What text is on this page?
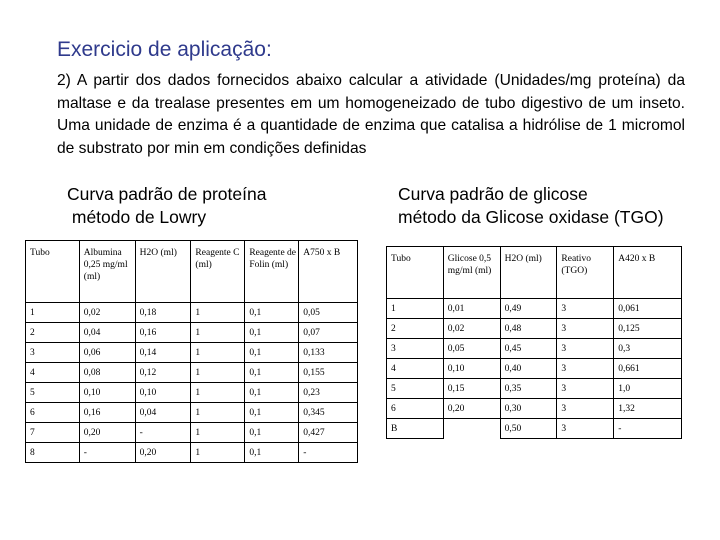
Exercicio de aplicação:
2) A partir dos dados fornecidos abaixo calcular a atividade (Unidades/mg proteína) da maltase e da trealase presentes em um homogeneizado de tubo digestivo de um inseto. Uma unidade de enzima é a quantidade de enzima que catalisa a hidrólise de 1 micromol de substrato por min em condições definidas
Curva padrão de proteína
método de Lowry
Curva padrão de glicose
método da Glicose oxidase (TGO)
Tubo	Albumina 0,25 mg/ml (ml)	H2O (ml)	Reagente C (ml)	Reagente de Folin (ml)	A750 x B
1	0,02	0,18	1	0,1	0,05
2	0,04	0,16	1	0,1	0,07
3	0,06	0,14	1	0,1	0,133
4	0,08	0,12	1	0,1	0,155
5	0,10	0,10	1	0,1	0,23
6	0,16	0,04	1	0,1	0,345
7	0,20	-	1	0,1	0,427
8	-	0,20	1	0,1	-
Tubo	Glicose 0,5 mg/ml (ml)	H2O (ml)	Reativo (TGO)	A420 x B
1	0,01	0,49	3	0,061
2	0,02	0,48	3	0,125
3	0,05	0,45	3	0,3
4	0,10	0,40	3	0,661
5	0,15	0,35	3	1,0
6	0,20	0,30	3	1,32
B		0,50	3	-
